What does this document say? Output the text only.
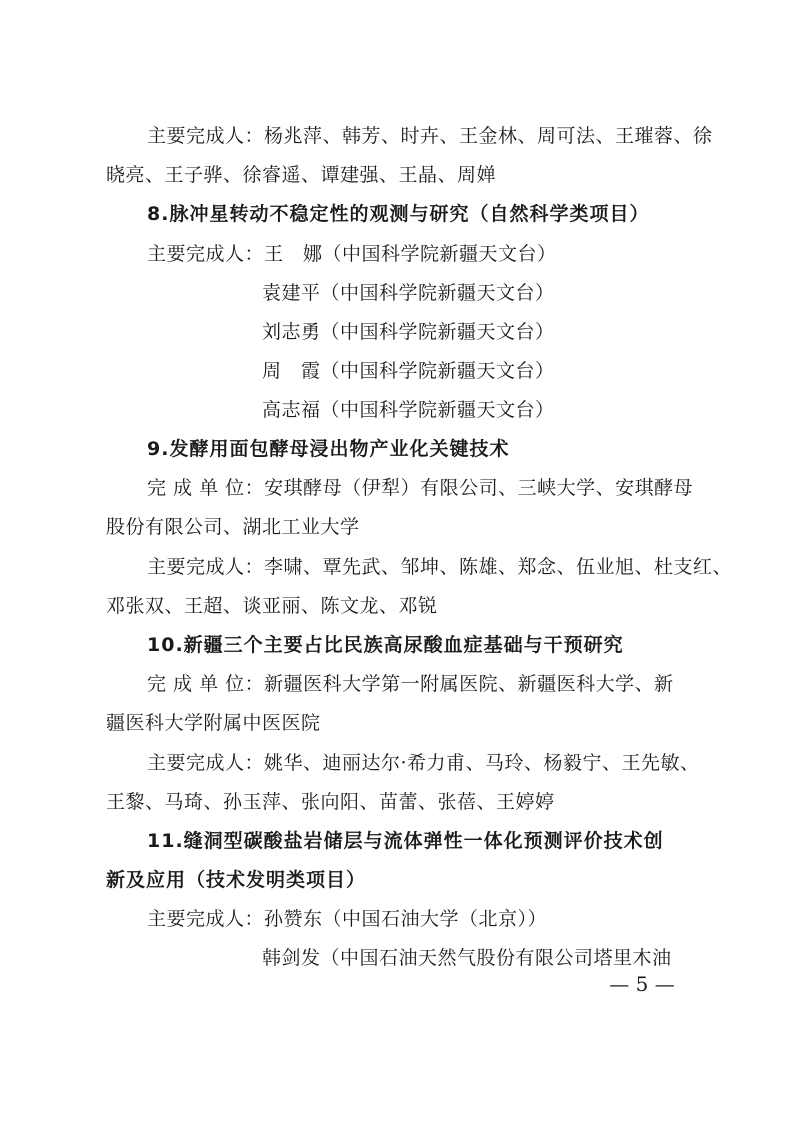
主要完成人：杨兆萍、韩芳、时卉、王金林、周可法、王璀蓉、徐
晓亮、王子骅、徐睿遥、谭建强、王晶、周婵
8.脉冲星转动不稳定性的观测与研究（自然科学类项目）
主要完成人：王　娜（中国科学院新疆天文台）
袁建平（中国科学院新疆天文台）
刘志勇（中国科学院新疆天文台）
周　霞（中国科学院新疆天文台）
高志福（中国科学院新疆天文台）
9.发酵用面包酵母浸出物产业化关键技术
完 成 单 位：安琪酵母（伊犁）有限公司、三峡大学、安琪酵母
股份有限公司、湖北工业大学
主要完成人：李啸、覃先武、邹坤、陈雄、郑念、伍业旭、杜支红、
邓张双、王超、谈亚丽、陈文龙、邓锐
10.新疆三个主要占比民族高尿酸血症基础与干预研究
完 成 单 位：新疆医科大学第一附属医院、新疆医科大学、新
疆医科大学附属中医医院
主要完成人：姚华、迪丽达尔·希力甫、马玲、杨毅宁、王先敏、
王黎、马琦、孙玉萍、张向阳、苗蕾、张蓓、王婷婷
11.缝洞型碳酸盐岩储层与流体弹性一体化预测评价技术创
新及应用（技术发明类项目）
主要完成人：孙赞东（中国石油大学（北京））
韩剑发（中国石油天然气股份有限公司塔里木油
— 5 —
